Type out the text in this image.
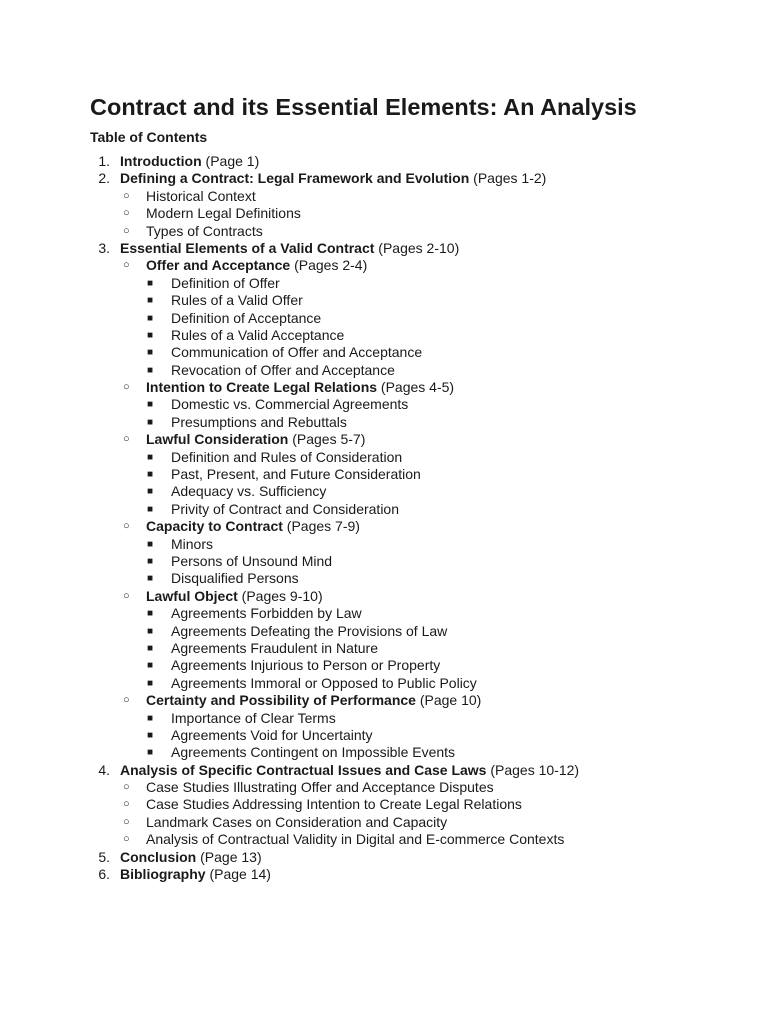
Contract and its Essential Elements: An Analysis
Table of Contents
1. Introduction (Page 1)
2. Defining a Contract: Legal Framework and Evolution (Pages 1-2)
○ Historical Context
○ Modern Legal Definitions
○ Types of Contracts
3. Essential Elements of a Valid Contract (Pages 2-10)
○ Offer and Acceptance (Pages 2-4)
■ Definition of Offer
■ Rules of a Valid Offer
■ Definition of Acceptance
■ Rules of a Valid Acceptance
■ Communication of Offer and Acceptance
■ Revocation of Offer and Acceptance
○ Intention to Create Legal Relations (Pages 4-5)
■ Domestic vs. Commercial Agreements
■ Presumptions and Rebuttals
○ Lawful Consideration (Pages 5-7)
■ Definition and Rules of Consideration
■ Past, Present, and Future Consideration
■ Adequacy vs. Sufficiency
■ Privity of Contract and Consideration
○ Capacity to Contract (Pages 7-9)
■ Minors
■ Persons of Unsound Mind
■ Disqualified Persons
○ Lawful Object (Pages 9-10)
■ Agreements Forbidden by Law
■ Agreements Defeating the Provisions of Law
■ Agreements Fraudulent in Nature
■ Agreements Injurious to Person or Property
■ Agreements Immoral or Opposed to Public Policy
○ Certainty and Possibility of Performance (Page 10)
■ Importance of Clear Terms
■ Agreements Void for Uncertainty
■ Agreements Contingent on Impossible Events
4. Analysis of Specific Contractual Issues and Case Laws (Pages 10-12)
○ Case Studies Illustrating Offer and Acceptance Disputes
○ Case Studies Addressing Intention to Create Legal Relations
○ Landmark Cases on Consideration and Capacity
○ Analysis of Contractual Validity in Digital and E-commerce Contexts
5. Conclusion (Page 13)
6. Bibliography (Page 14)
